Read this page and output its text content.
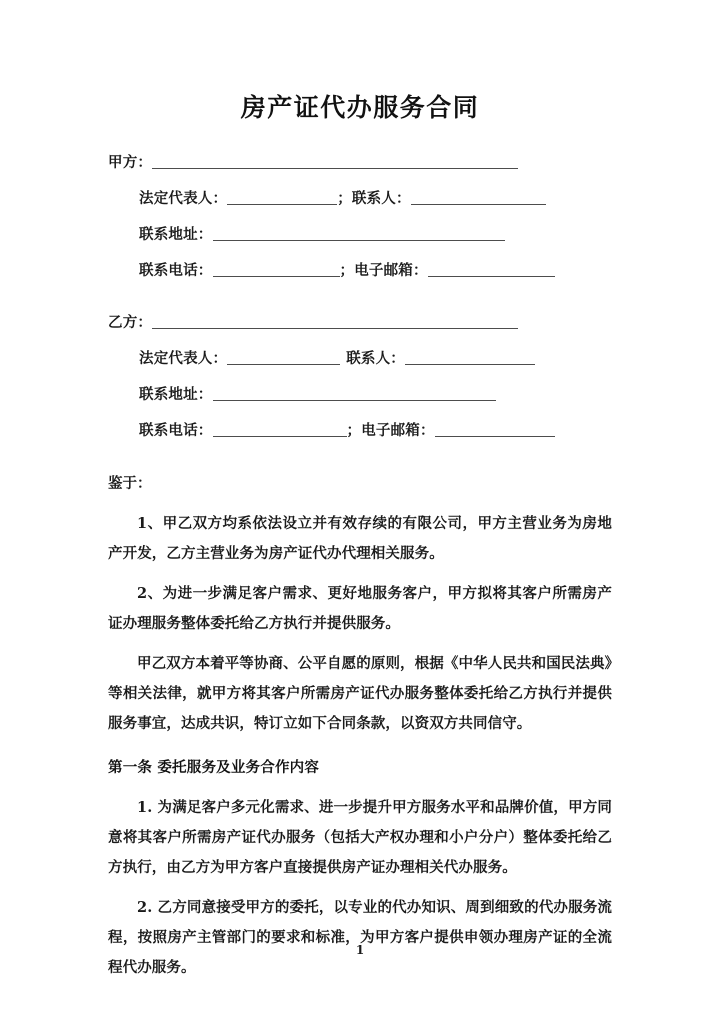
房产证代办服务合同
甲方：
法定代表人：	；联系人：
联系地址：
联系电话：	；电子邮箱：
乙方：
法定代表人：	联系人：
联系地址：
联系电话：	；电子邮箱：
鉴于：

1、甲乙双方均系依法设立并有效存续的有限公司，甲方主营业务为房地产开发，乙方主营业务为房产证代办代理相关服务。

2、为进一步满足客户需求、更好地服务客户，甲方拟将其客户所需房产证办理服务整体委托给乙方执行并提供服务。

甲乙双方本着平等协商、公平自愿的原则，根据《中华人民共和国民法典》等相关法律，就甲方将其客户所需房产证代办服务整体委托给乙方执行并提供服务事宜，达成共识，特订立如下合同条款，以资双方共同信守。

第一条 委托服务及业务合作内容

1. 为满足客户多元化需求、进一步提升甲方服务水平和品牌价值，甲方同意将其客户所需房产证代办服务（包括大产权办理和小户分户）整体委托给乙方执行，由乙方为甲方客户直接提供房产证办理相关代办服务。

2. 乙方同意接受甲方的委托，以专业的代办知识、周到细致的代办服务流程，按照房产主管部门的要求和标准，为甲方客户提供申领办理房产证的全流程代办服务。

1
